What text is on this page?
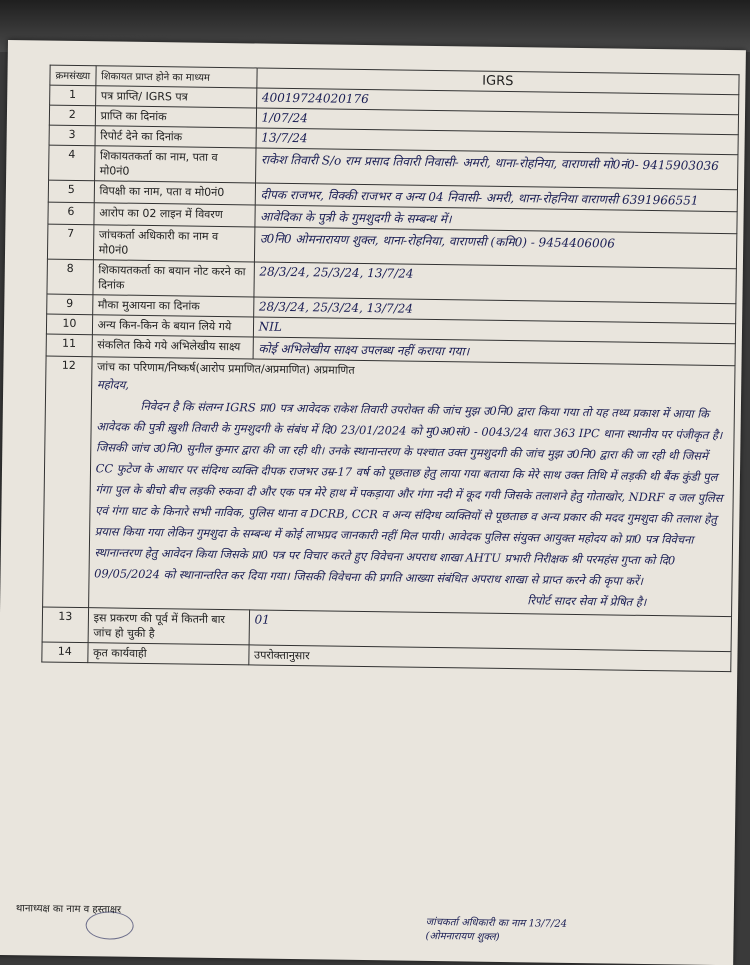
क्रमसंख्या	शिकायत प्राप्त होने का माध्यम	IGRS
1	पत्र प्राप्ति/ IGRS पत्र	40019724020176
2	प्राप्ति का दिनांक	1/07/24
3	रिपोर्ट देने का दिनांक	13/7/24
4	शिकायतकर्ता का नाम, पता व मो0नं0	राकेश तिवारी S/o राम प्रसाद तिवारी निवासी- अमरी, थाना-रोहनिया, वाराणसी मो0नं0- 9415903036
5	विपक्षी का नाम, पता व मो0नं0	दीपक राजभर, विक्की राजभर व अन्य 04 निवासी- अमरी, थाना-रोहनिया वाराणसी 6391966551
6	आरोप का 02 लाइन में विवरण	आवेदिका के पुत्री के गुमशुदगी के सम्बन्ध में।
7	जांचकर्ता अधिकारी का नाम व मो0नं0	उ0नि0 ओमनारायण शुक्ल, थाना-रोहनिया, वाराणसी (कमि0) - 9454406006
8	शिकायतकर्ता का बयान नोट करने का दिनांक	28/3/24, 25/3/24, 13/7/24
9	मौका मुआयना का दिनांक	28/3/24, 25/3/24, 13/7/24
10	अन्य किन-किन के बयान लिये गये	NIL
11	संकलित किये गये अभिलेखीय साक्ष्य	कोई अभिलेखीय साक्ष्य उपलब्ध नहीं कराया गया।
12	जांच का परिणाम/निष्कर्ष(आरोप प्रमाणित/अप्रमाणित) अप्रमाणित

महोदय,

निवेदन है कि संलग्न IGRS प्रा0 पत्र आवेदक राकेश तिवारी उपरोक्त की जांच मुझ उ0नि0 द्वारा किया गया तो यह तथ्य प्रकाश में आया कि आवेदक की पुत्री ख़ुशी तिवारी के गुमशुदगी के संबंध में दि0 23/01/2024 को मु0अ0सं0 - 0043/24 धारा 363 IPC थाना स्थानीय पर पंजीकृत है। जिसकी जांच उ0नि0 सुनील कुमार द्वारा की जा रही थी। उनके स्थानान्तरण के पश्चात उक्त गुमशुदगी की जांच मुझ उ0नि0 द्वारा की जा रही थी जिसमें CC फुटेज के आधार पर संदिग्ध व्यक्ति दीपक राजभर उम्र-17 वर्ष को पूछताछ हेतु लाया गया बताया कि मेरे साथ उक्त तिथि में लड़की थी बैंक कुंडी पुल गंगा पुल के बीचो बीच लड़की रुकवा दी और एक पत्र मेरे हाथ में पकड़ाया और गंगा नदी में कूद गयी जिसके तलाशने हेतु गोताखोर, NDRF व जल पुलिस एवं गंगा घाट के किनारे सभी नाविक, पुलिस थाना व DCRB, CCR व अन्य संदिग्ध व्यक्तियों से पूछताछ व अन्य प्रकार की मदद गुमशुदा की तलाश हेतु प्रयास किया गया लेकिन गुमशुदा के सम्बन्ध में कोई लाभप्रद जानकारी नहीं मिल पायी। आवेदक पुलिस संयुक्त आयुक्त महोदय को प्रा0 पत्र विवेचना स्थानान्तरण हेतु आवेदन किया जिसके प्रा0 पत्र पर विचार करते हुए विवेचना अपराध शाखा AHTU प्रभारी निरीक्षक श्री परमहंस गुप्ता को दि0 09/05/2024 को स्थानान्तरित कर दिया गया। जिसकी विवेचना की प्रगति आख्या संबंधित अपराध शाखा से प्राप्त करने की कृपा करें।

रिपोर्ट सादर सेवा में प्रेषित है।	

13	इस प्रकरण की पूर्व में कितनी बार जांच हो चुकी है	01
14	कृत कार्यवाही	उपरोक्तानुसार
थानाध्यक्ष का नाम व हस्ताक्षर
जांचकर्ता अधिकारी का नाम 13/7/24
(ओमनारायण शुक्ल)
